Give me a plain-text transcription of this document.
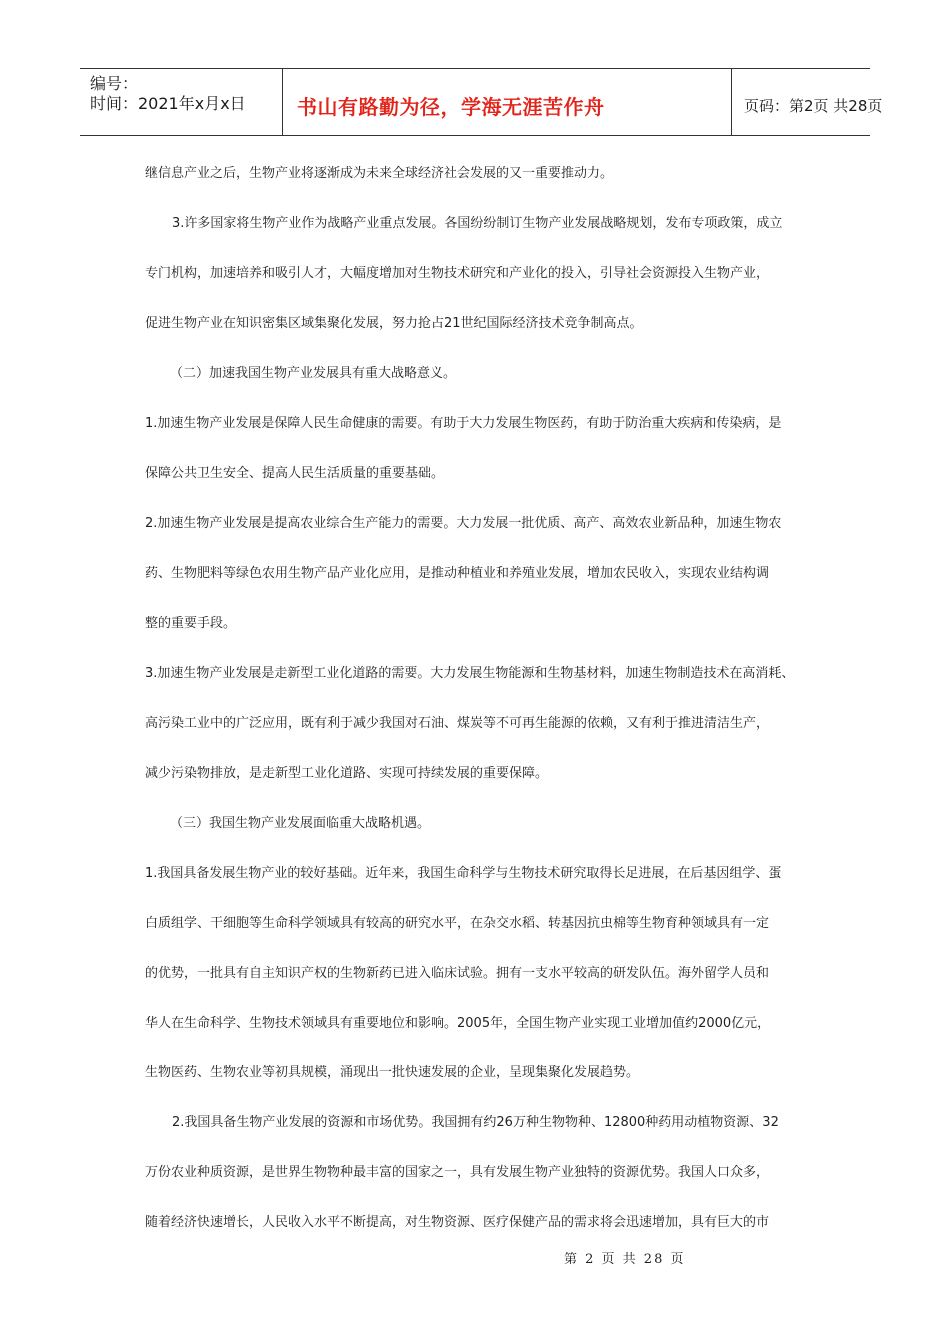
编号：
时间：2021年x月x日	书山有路勤为径，学海无涯苦作舟	页码：第2页 共28页
继信息产业之后，生物产业将逐渐成为未来全球经济社会发展的又一重要推动力。
3.许多国家将生物产业作为战略产业重点发展。各国纷纷制订生物产业发展战略规划，发布专项政策，成立
专门机构，加速培养和吸引人才，大幅度增加对生物技术研究和产业化的投入，引导社会资源投入生物产业，
促进生物产业在知识密集区域集聚化发展，努力抢占21世纪国际经济技术竞争制高点。
（二）加速我国生物产业发展具有重大战略意义。
1.加速生物产业发展是保障人民生命健康的需要。有助于大力发展生物医药，有助于防治重大疾病和传染病，是
保障公共卫生安全、提高人民生活质量的重要基础。
2.加速生物产业发展是提高农业综合生产能力的需要。大力发展一批优质、高产、高效农业新品种，加速生物农
药、生物肥料等绿色农用生物产品产业化应用，是推动种植业和养殖业发展，增加农民收入，实现农业结构调
整的重要手段。
3.加速生物产业发展是走新型工业化道路的需要。大力发展生物能源和生物基材料，加速生物制造技术在高消耗、
高污染工业中的广泛应用，既有利于减少我国对石油、煤炭等不可再生能源的依赖，又有利于推进清洁生产，
减少污染物排放，是走新型工业化道路、实现可持续发展的重要保障。
（三）我国生物产业发展面临重大战略机遇。
1.我国具备发展生物产业的较好基础。近年来，我国生命科学与生物技术研究取得长足进展，在后基因组学、蛋
白质组学、干细胞等生命科学领域具有较高的研究水平，在杂交水稻、转基因抗虫棉等生物育种领域具有一定
的优势，一批具有自主知识产权的生物新药已进入临床试验。拥有一支水平较高的研发队伍。海外留学人员和
华人在生命科学、生物技术领域具有重要地位和影响。2005年，全国生物产业实现工业增加值约2000亿元，
生物医药、生物农业等初具规模，涌现出一批快速发展的企业，呈现集聚化发展趋势。
2.我国具备生物产业发展的资源和市场优势。我国拥有约26万种生物物种、12800种药用动植物资源、32
万份农业种质资源，是世界生物物种最丰富的国家之一，具有发展生物产业独特的资源优势。我国人口众多，
随着经济快速增长，人民收入水平不断提高，对生物资源、医疗保健产品的需求将会迅速增加，具有巨大的市
第 2 页 共 28 页
